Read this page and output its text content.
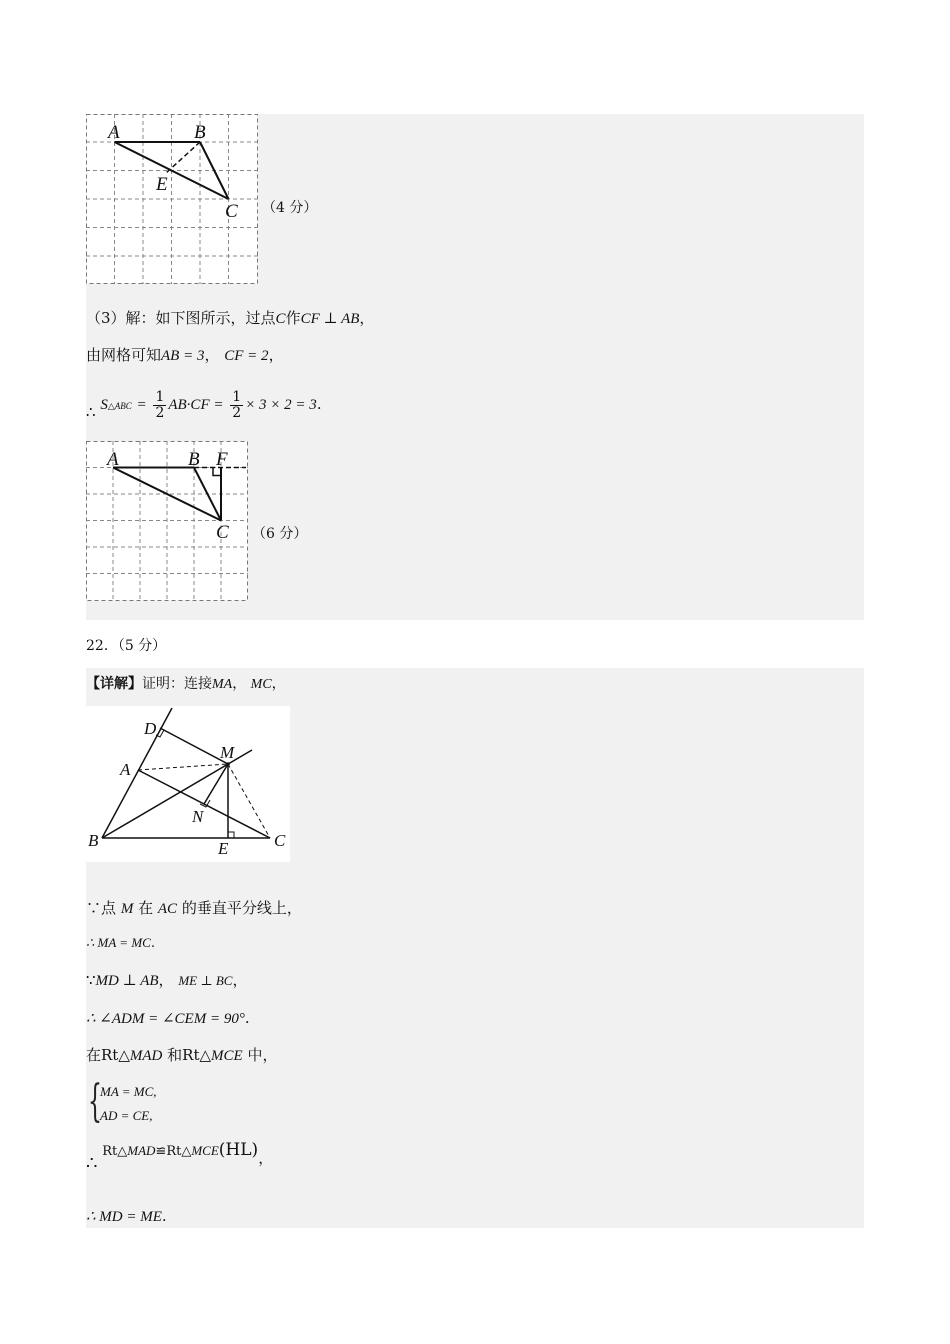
A	B
E
C （4 分）
（3）解：如下图所示，过点C作CF ⊥ AB，
由网格可知AB = 3， CF = 2，
∴ S△ABC = $\frac{1}{2} AB\cdot CF = \frac{1}{2} \times 3 \times 2 = 3$.
A	B F
C （6 分）
22．（5 分）
【详解】证明：连接MA， MC，
D
M
A
N
B	E	C
∵点 M 在 AC 的垂直平分线上，
∴ MA = MC.
∵MD ⊥ AB， ME ⊥ BC，
∴ ∠ADM = ∠CEM = 90°.
在Rt△MAD 和Rt△MCE 中，
{
MA = MC,
AD = CE,
∴ Rt△MAD≌Rt△MCE(HL)，
∴ MD = ME.
